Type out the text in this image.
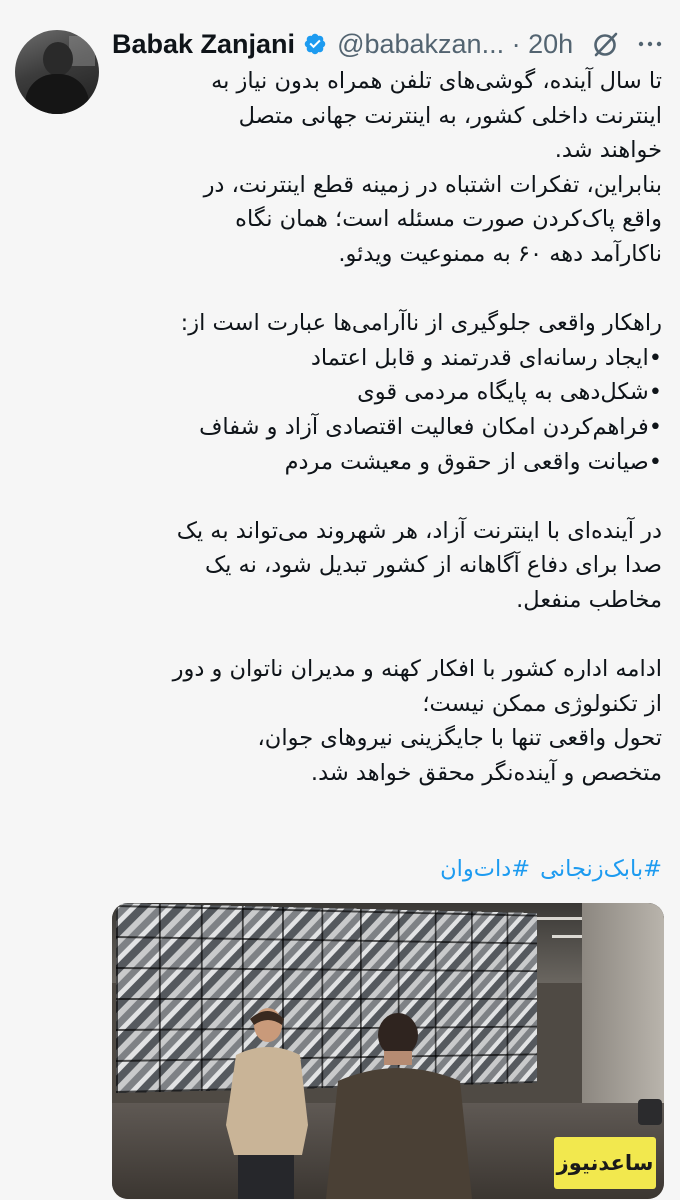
Babak Zanjani @babakzan... · 20h

تا سال آینده، گوشی‌های تلفن همراه بدون نیاز به

اینترنت داخلی کشور، به اینترنت جهانی متصل

خواهند شد.

بنابراین، تفکرات اشتباه در زمینه قطع اینترنت، در

واقع پاک‌کردن صورت مسئله است؛ همان نگاه

ناکارآمد دهه ۶۰ به ممنوعیت ویدئو.

راهکار واقعی جلوگیری از ناآرامی‌ها عبارت است از:

•ایجاد رسانه‌ای قدرتمند و قابل اعتماد

•شکل‌دهی به پایگاه مردمی قوی

•فراهم‌کردن امکان فعالیت اقتصادی آزاد و شفاف

•صیانت واقعی از حقوق و معیشت مردم

در آینده‌ای با اینترنت آزاد، هر شهروند می‌تواند به یک

صدا برای دفاع آگاهانه از کشور تبدیل شود، نه یک

مخاطب منفعل.

ادامه اداره کشور با افکار کهنه و مدیران ناتوان و دور

از تکنولوژی ممکن نیست؛

تحول واقعی تنها با جایگزینی نیروهای جوان،

متخصص و آینده‌نگر محقق خواهد شد.

#بابک‌زنجانی#دات‌وان
ساعدنیوز
